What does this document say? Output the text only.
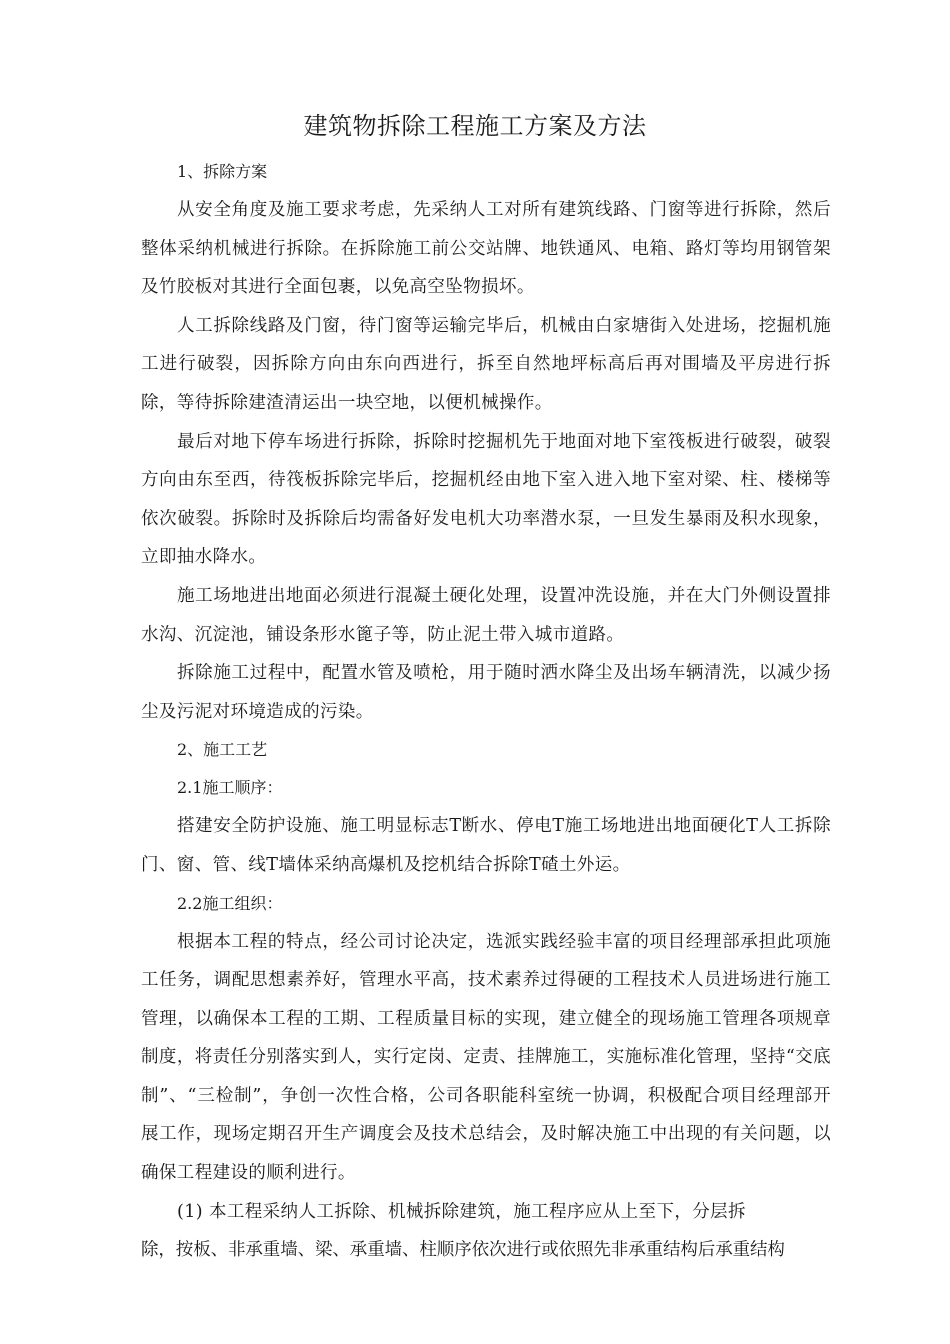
建筑物拆除工程施工方案及方法

1、拆除方案

从安全角度及施工要求考虑，先采纳人工对所有建筑线路、门窗等进行拆除，然后整体采纳机械进行拆除。在拆除施工前公交站牌、地铁通风、电箱、路灯等均用钢管架及竹胶板对其进行全面包裹，以免高空坠物损坏。

人工拆除线路及门窗，待门窗等运输完毕后，机械由白家塘街入处进场，挖掘机施工进行破裂，因拆除方向由东向西进行，拆至自然地坪标高后再对围墙及平房进行拆除，等待拆除建渣清运出一块空地，以便机械操作。

最后对地下停车场进行拆除，拆除时挖掘机先于地面对地下室筏板进行破裂，破裂方向由东至西，待筏板拆除完毕后，挖掘机经由地下室入进入地下室对梁、柱、楼梯等依次破裂。拆除时及拆除后均需备好发电机大功率潜水泵，一旦发生暴雨及积水现象，立即抽水降水。

施工场地进出地面必须进行混凝土硬化处理，设置冲洗设施，并在大门外侧设置排水沟、沉淀池，铺设条形水篦子等，防止泥土带入城市道路。

拆除施工过程中，配置水管及喷枪，用于随时洒水降尘及出场车辆清洗，以减少扬尘及污泥对环境造成的污染。

2、施工工艺

2.1施工顺序：

搭建安全防护设施、施工明显标志T断水、停电T施工场地进出地面硬化T人工拆除门、窗、管、线T墙体采纳高爆机及挖机结合拆除T碴土外运。

2.2施工组织：

根据本工程的特点，经公司讨论决定，选派实践经验丰富的项目经理部承担此项施工任务，调配思想素养好，管理水平高，技术素养过得硬的工程技术人员进场进行施工管理，以确保本工程的工期、工程质量目标的实现，建立健全的现场施工管理各项规章制度，将责任分别落实到人，实行定岗、定责、挂牌施工，实施标准化管理，坚持“交底制”、“三检制”，争创一次性合格，公司各职能科室统一协调，积极配合项目经理部开展工作，现场定期召开生产调度会及技术总结会，及时解决施工中出现的有关问题，以确保工程建设的顺利进行。

(1) 本工程采纳人工拆除、机械拆除建筑，施工程序应从上至下，分层拆

除，按板、非承重墙、梁、承重墙、柱顺序依次进行或依照先非承重结构后承重结构
